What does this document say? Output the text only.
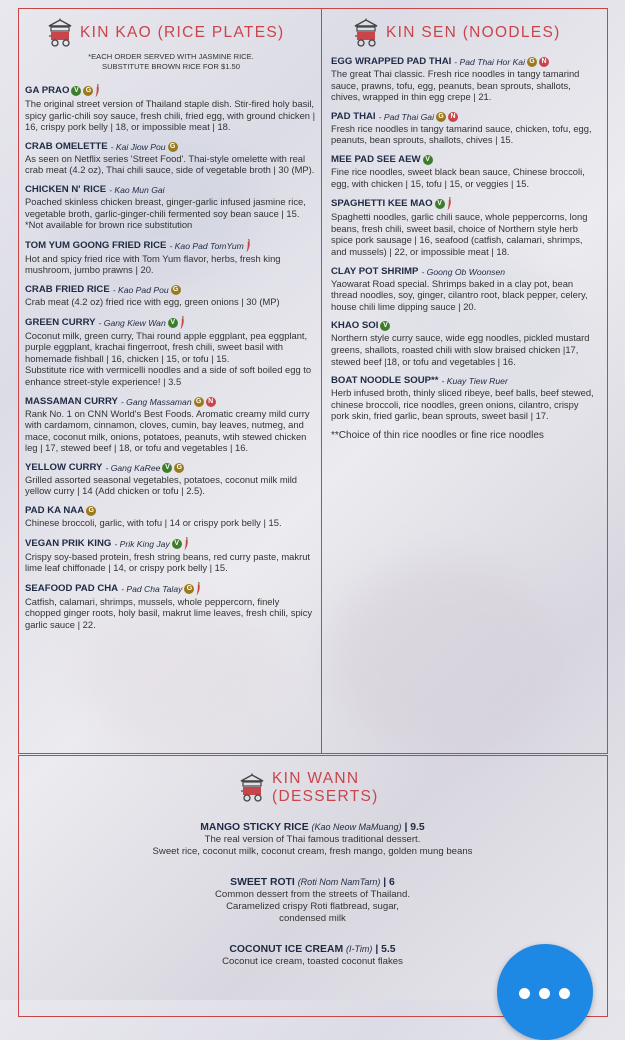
KIN KAO (RICE PLATES)
*EACH ORDER SERVED WITH JASMINE RICE.
SUBSTITUTE BROWN RICE FOR $1.50
KIN SEN (NOODLES)
GA PRAO V G
The original street version of Thailand staple dish. Stir-fired holy basil, spicy garlic-chili soy sauce, fresh chili, fried egg, with ground chicken | 16, crispy pork belly | 18, or impossible meat | 18.
CRAB OMELETTE - Kai Jiow Pou G
As seen on Netflix series 'Street Food'. Thai-style omelette with real crab meat (4.2 oz), Thai chili sauce, side of vegetable broth | 30 (MP).
CHICKEN N' RICE - Kao Mun Gai
Poached skinless chicken breast, ginger-garlic infused jasmine rice, vegetable broth, garlic-ginger-chili fermented soy bean sauce | 15. *Not available for brown rice substitution
TOM YUM GOONG FRIED RICE - Kao Pad TomYum
Hot and spicy fried rice with Tom Yum flavor, herbs, fresh king mushroom, jumbo prawns | 20.
CRAB FRIED RICE - Kao Pad Pou G
Crab meat (4.2 oz) fried rice with egg, green onions | 30 (MP)
GREEN CURRY - Gang Kiew Wan V
Coconut milk, green curry, Thai round apple eggplant, pea eggplant, purple eggplant, krachai fingerroot, fresh chili, sweet basil with homemade fishball | 16, chicken | 15, or tofu | 15.
Substitute rice with vermicelli noodles and a side of soft boiled egg to enhance street-style experience! | 3.5
MASSAMAN CURRY - Gang Massaman G N
Rank No. 1 on CNN World's Best Foods. Aromatic creamy mild curry with cardamom, cinnamon, cloves, cumin, bay leaves, nutmeg, and mace, coconut milk, onions, potatoes, peanuts, wtih stewed chicken leg | 17, stewed beef | 18, or tofu and vegetables | 16.
YELLOW CURRY - Gang KaRee V G
Grilled assorted seasonal vegetables, potatoes, coconut milk mild yellow curry | 14 (Add chicken or tofu | 2.5).
PAD KA NAA G
Chinese broccoli, garlic, with tofu | 14 or crispy pork belly | 15.
VEGAN PRIK KING - Prik King Jay V
Crispy soy-based protein, fresh string beans, red curry paste, makrut lime leaf chiffonade | 14, or crispy pork belly | 15.
SEAFOOD PAD CHA - Pad Cha Talay G
Catfish, calamari, shrimps, mussels, whole peppercorn, finely chopped ginger roots, holy basil, makrut lime leaves, fresh chili, spicy garlic sauce | 22.
EGG WRAPPED PAD THAI - Pad Thai Hor Kai G N
The great Thai classic. Fresh rice noodles in tangy tamarind sauce, prawns, tofu, egg, peanuts, bean sprouts, shallots, chives, wrapped in thin egg crepe | 21.
PAD THAI - Pad Thai Gai G N
Fresh rice noodles in tangy tamarind sauce, chicken, tofu, egg, peanuts, bean sprouts, shallots, chives | 15.
MEE PAD SEE AEW V
Fine rice noodles, sweet black bean sauce, Chinese broccoli, egg, with chicken | 15, tofu | 15, or veggies | 15.
SPAGHETTI KEE MAO V
Spaghetti noodles, garlic chili sauce, whole peppercorns, long beans, fresh chili, sweet basil, choice of Northern style herb spice pork sausage | 16, seafood (catfish, calamari, shrimps, and mussels) | 22, or impossible meat | 18.
CLAY POT SHRIMP - Goong Ob Woonsen
Yaowarat Road special. Shrimps baked in a clay pot, bean thread noodles, soy, ginger, cilantro root, black pepper, celery, house chili lime dipping sauce | 20.
KHAO SOI V
Northern style curry sauce, wide egg noodles, pickled mustard greens, shallots, roasted chili with slow braised chicken |17, stewed beef |18, or tofu and vegetables | 16.
BOAT NOODLE SOUP** - Kuay Tiew Ruer
Herb infused broth, thinly sliced ribeye, beef balls, beef stewed, chinese broccoli, rice noodles, green onions, cilantro, crispy pork skin, fried garlic, bean sprouts, sweet basil | 17.
**Choice of thin rice noodles or fine rice noodles
KIN WANN
(DESSERTS)
MANGO STICKY RICE (Kao Neow MaMuang) | 9.5
The real version of Thai famous traditional dessert.
Sweet rice, coconut milk, coconut cream, fresh mango, golden mung beans
SWEET ROTI (Roti Nom NamTarn) | 6
Common dessert from the streets of Thailand.
Caramelized crispy Roti flatbread, sugar,
condensed milk
COCONUT ICE CREAM (I-Tim) | 5.5
Coconut ice cream, toasted coconut flakes
